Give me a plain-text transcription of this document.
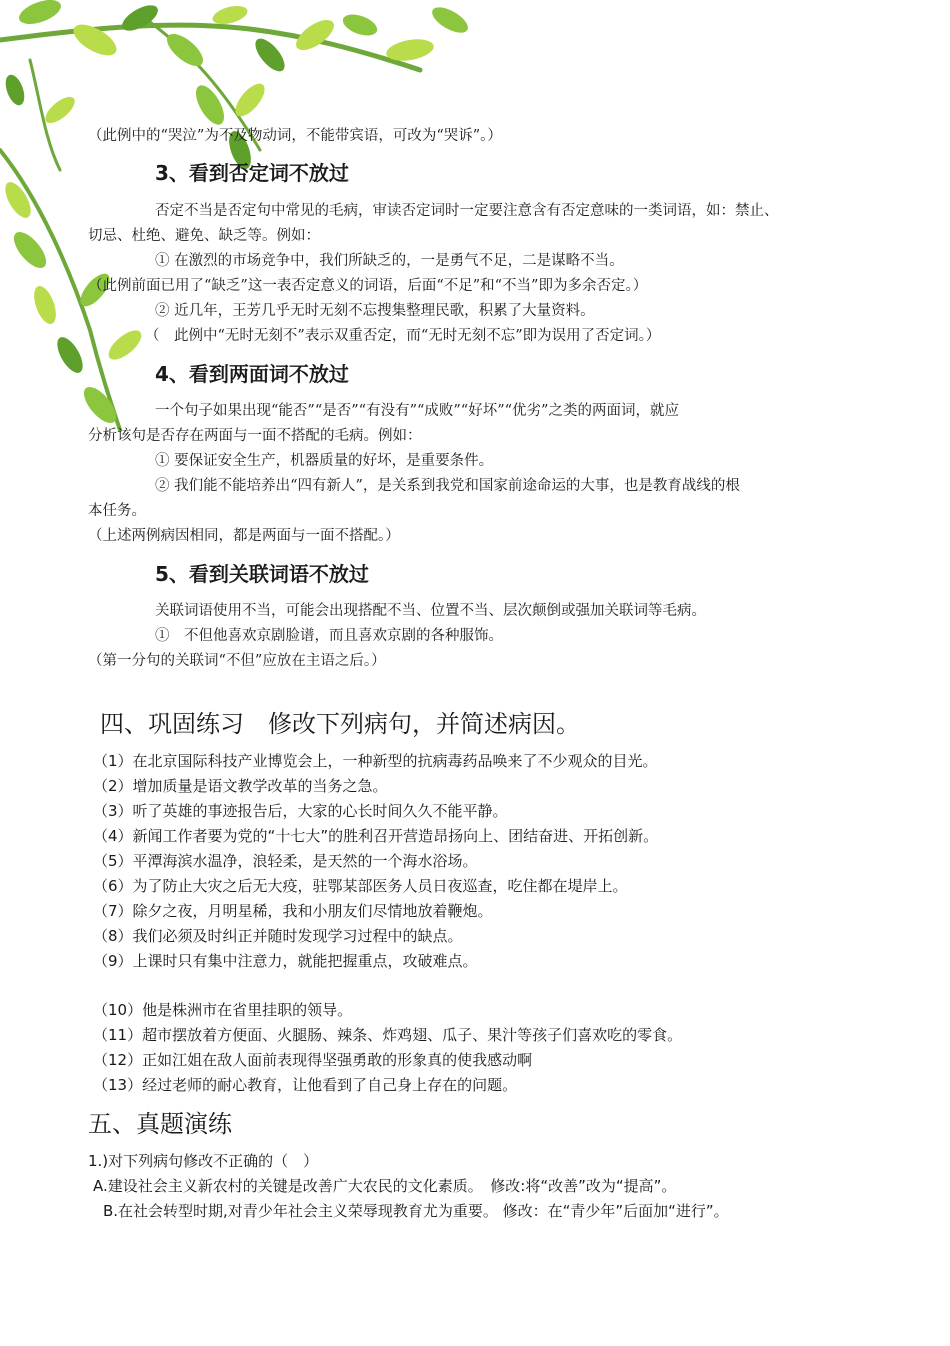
（此例中的“哭泣”为不及物动词，不能带宾语，可改为“哭诉”。）
3、看到否定词不放过
否定不当是否定句中常见的毛病，审读否定词时一定要注意含有否定意味的一类词语，如：禁止、
切忌、杜绝、避免、缺乏等。例如：
① 在激烈的市场竞争中，我们所缺乏的，一是勇气不足，二是谋略不当。
（此例前面已用了“缺乏”这一表否定意义的词语，后面“不足”和“不当”即为多余否定。）
② 近几年，王芳几乎无时无刻不忘搜集整理民歌，积累了大量资料。
（　此例中“无时无刻不”表示双重否定，而“无时无刻不忘”即为误用了否定词。）
4、看到两面词不放过
一个句子如果出现“能否”“是否”“有没有”“成败”“好坏”“优劣”之类的两面词，就应
分析该句是否存在两面与一面不搭配的毛病。例如：
① 要保证安全生产，机器质量的好坏，是重要条件。
② 我们能不能培养出“四有新人”，是关系到我党和国家前途命运的大事，也是教育战线的根
本任务。
（上述两例病因相同，都是两面与一面不搭配。）
5、看到关联词语不放过
关联词语使用不当，可能会出现搭配不当、位置不当、层次颠倒或强加关联词等毛病。
①　不但他喜欢京剧脸谱，而且喜欢京剧的各种服饰。
（第一分句的关联词“不但”应放在主语之后。）
四、巩固练习　修改下列病句，并简述病因。
（1）在北京国际科技产业博览会上，一种新型的抗病毒药品唤来了不少观众的目光。
（2）增加质量是语文教学改革的当务之急。
（3）听了英雄的事迹报告后，大家的心长时间久久不能平静。
（4）新闻工作者要为党的“十七大”的胜利召开营造昂扬向上、团结奋进、开拓创新。
（5）平潭海滨水温净，浪轻柔，是天然的一个海水浴场。
（6）为了防止大灾之后无大疫，驻鄂某部医务人员日夜巡查，吃住都在堤岸上。
（7）除夕之夜，月明星稀，我和小朋友们尽情地放着鞭炮。
（8）我们必须及时纠正并随时发现学习过程中的缺点。
（9）上课时只有集中注意力，就能把握重点，攻破难点。
（10）他是株洲市在省里挂职的领导。
（11）超市摆放着方便面、火腿肠、辣条、炸鸡翅、瓜子、果汁等孩子们喜欢吃的零食。
（12）正如江姐在敌人面前表现得坚强勇敢的形象真的使我感动啊
（13）经过老师的耐心教育，让他看到了自己身上存在的问题。
五、真题演练
1.)对下列病句修改不正确的（　）
A.建设社会主义新农村的关键是改善广大农民的文化素质。　修改:将“改善”改为“提高”。
B.在社会转型时期,对青少年社会主义荣辱现教育尤为重要。 修改：在“青少年”后面加“进行”。
